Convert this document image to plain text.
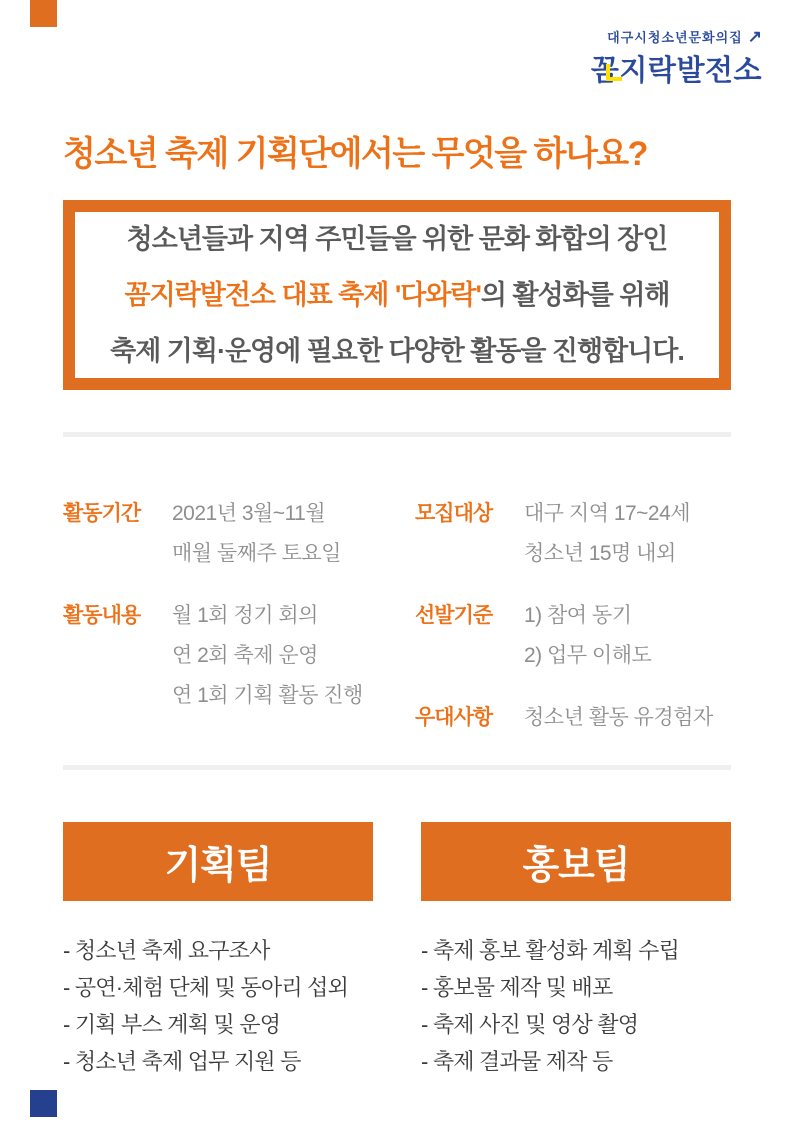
대구시청소년문화의집 ↗
꼼지락발전소
청소년 축제 기획단에서는 무엇을 하나요?
청소년들과 지역 주민들을 위한 문화 화합의 장인
꼼지락발전소 대표 축제 '다와락'의 활성화를 위해
축제 기획·운영에 필요한 다양한 활동을 진행합니다.
활동기간	2021년 3월~11월
매월 둘째주 토요일
활동내용	월 1회 정기 회의
연 2회 축제 운영
연 1회 기획 활동 진행
모집대상	대구 지역 17~24세
청소년 15명 내외
선발기준	1) 참여 동기
2) 업무 이해도
우대사항	청소년 활동 유경험자
기획팀
- 청소년 축제 요구조사
- 공연·체험 단체 및 동아리 섭외
- 기획 부스 계획 및 운영
- 청소년 축제 업무 지원 등
홍보팀
- 축제 홍보 활성화 계획 수립
- 홍보물 제작 및 배포
- 축제 사진 및 영상 촬영
- 축제 결과물 제작 등
